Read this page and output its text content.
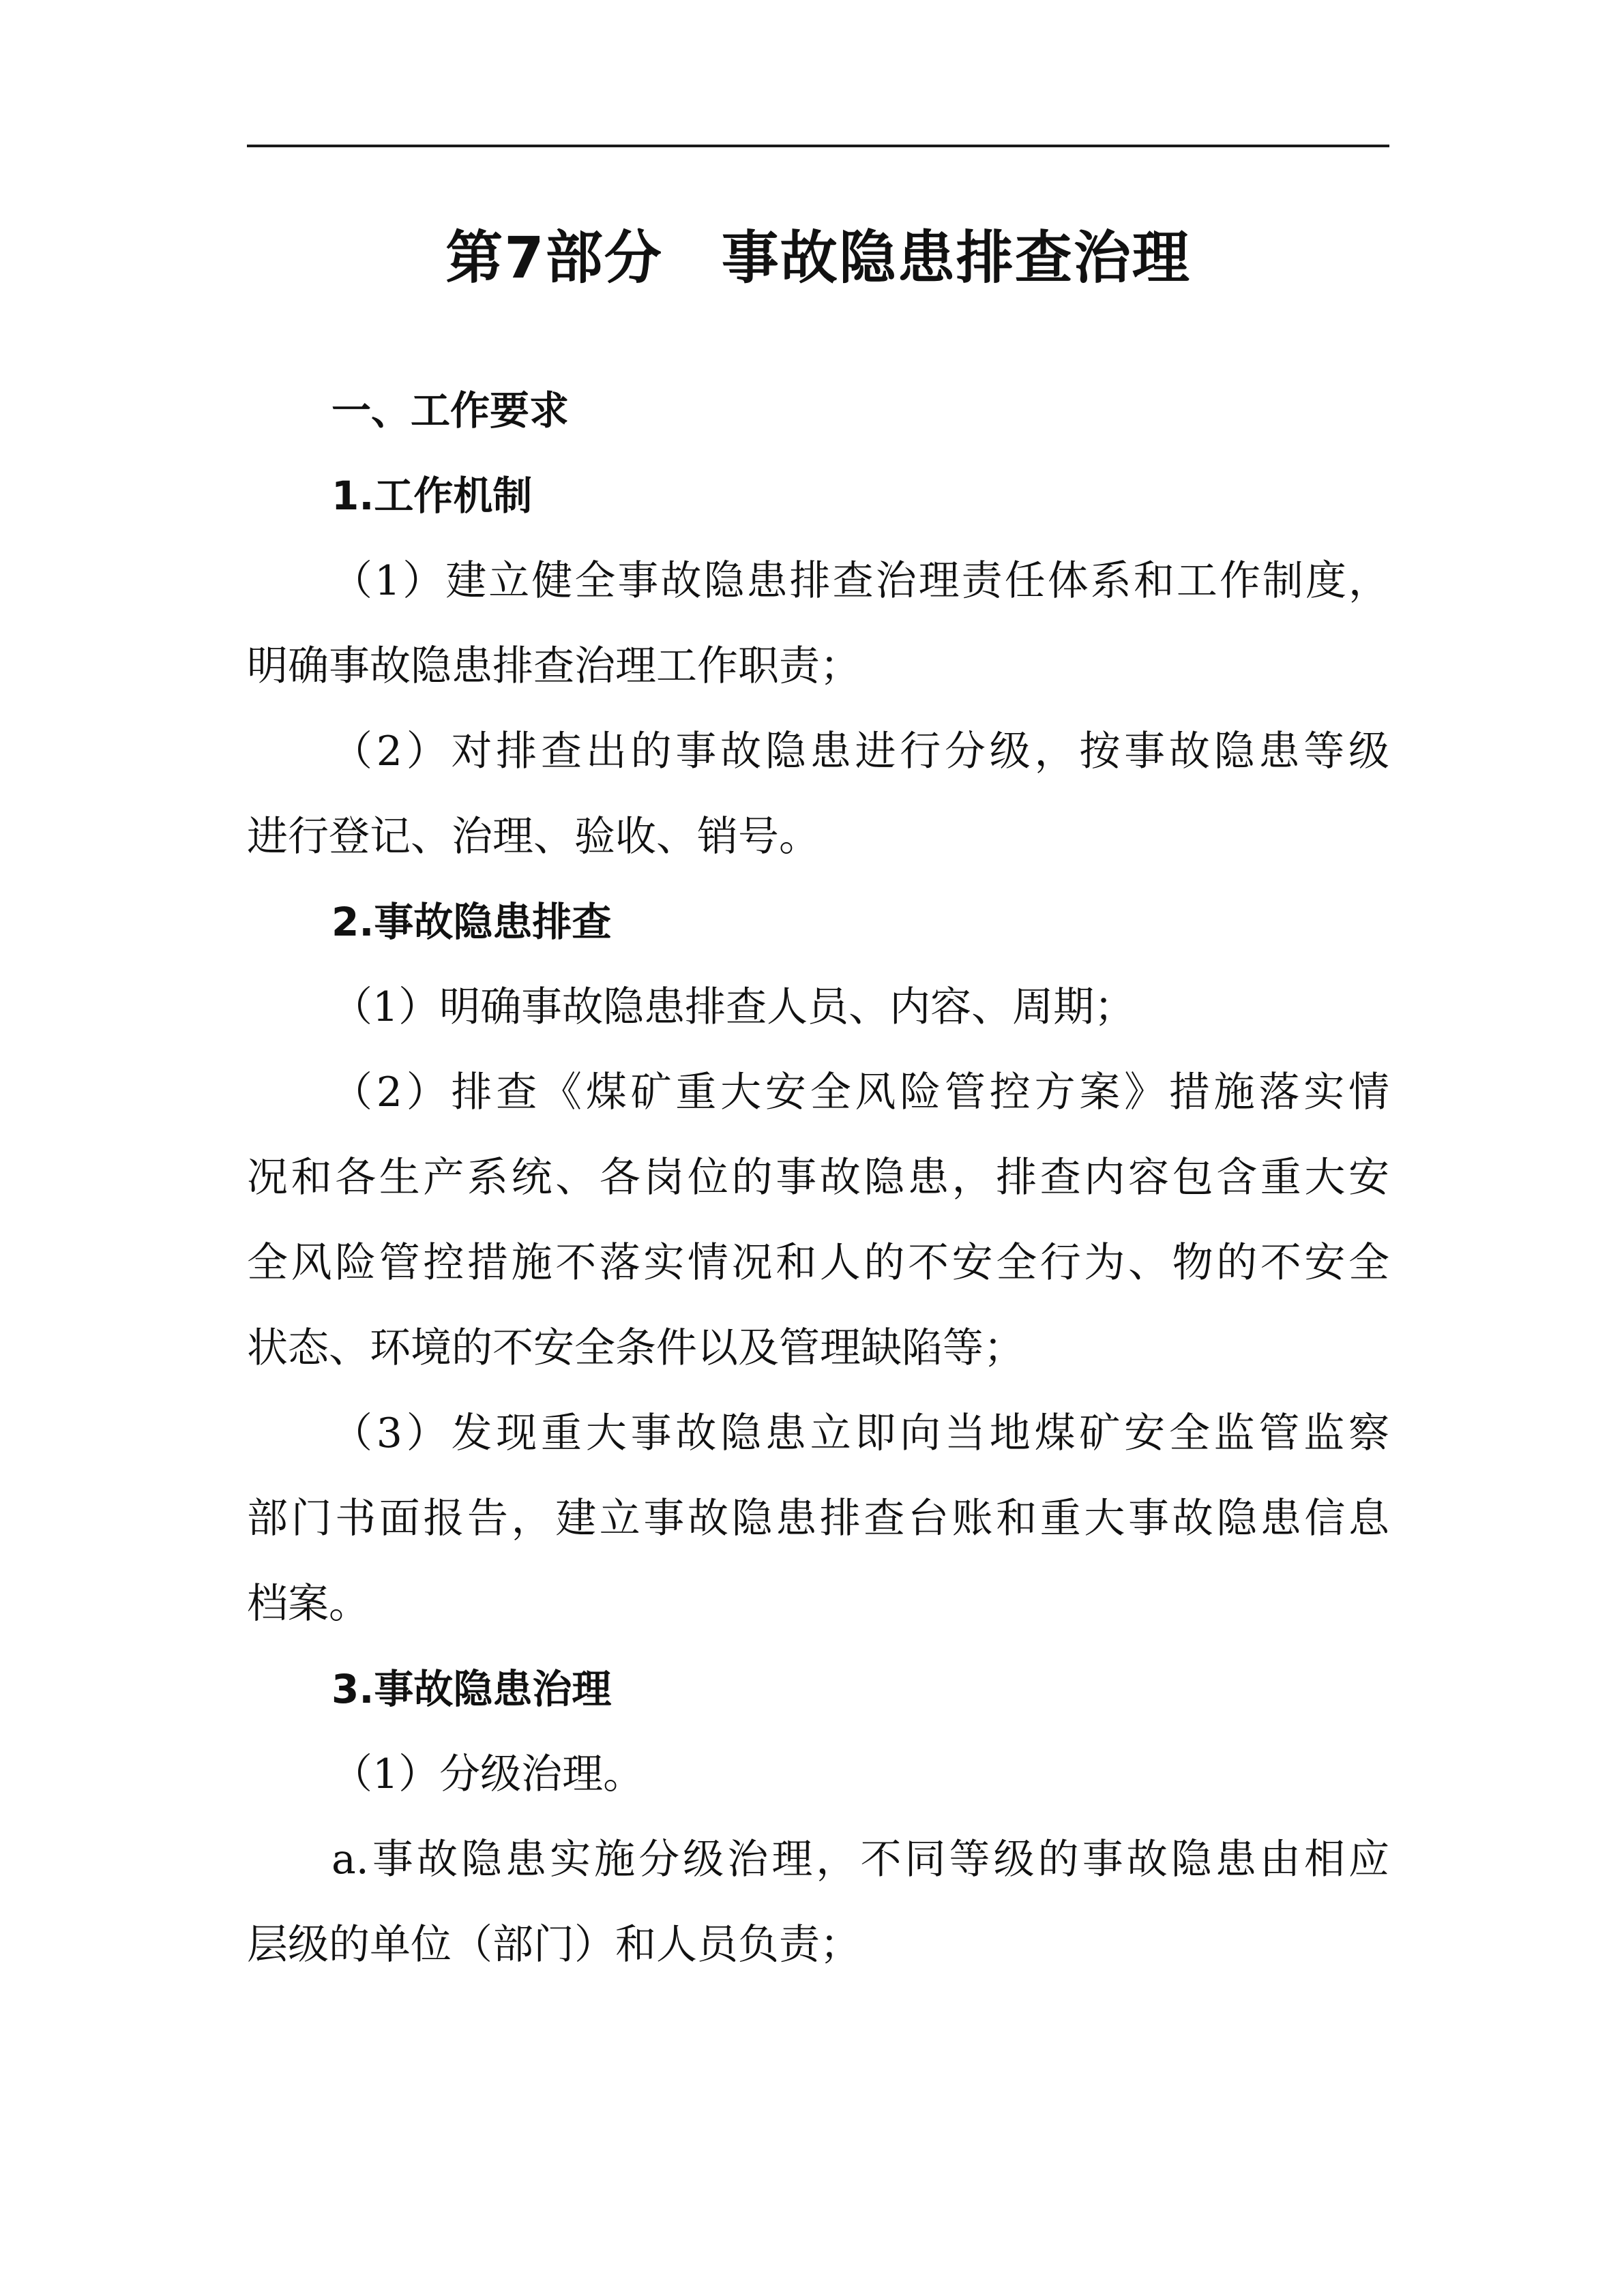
第7部分　事故隐患排查治理
一、工作要求
1.工作机制
（1）建立健全事故隐患排查治理责任体系和工作制度，
明确事故隐患排查治理工作职责；
（2）对排查出的事故隐患进行分级，按事故隐患等级
进行登记、治理、验收、销号。
2.事故隐患排查
（1）明确事故隐患排查人员、内容、周期；
（2）排查《煤矿重大安全风险管控方案》措施落实情
况和各生产系统、各岗位的事故隐患，排查内容包含重大安
全风险管控措施不落实情况和人的不安全行为、物的不安全
状态、环境的不安全条件以及管理缺陷等；
（3）发现重大事故隐患立即向当地煤矿安全监管监察
部门书面报告，建立事故隐患排查台账和重大事故隐患信息
档案。
3.事故隐患治理
（1）分级治理。
a.事故隐患实施分级治理，不同等级的事故隐患由相应
层级的单位（部门）和人员负责；
